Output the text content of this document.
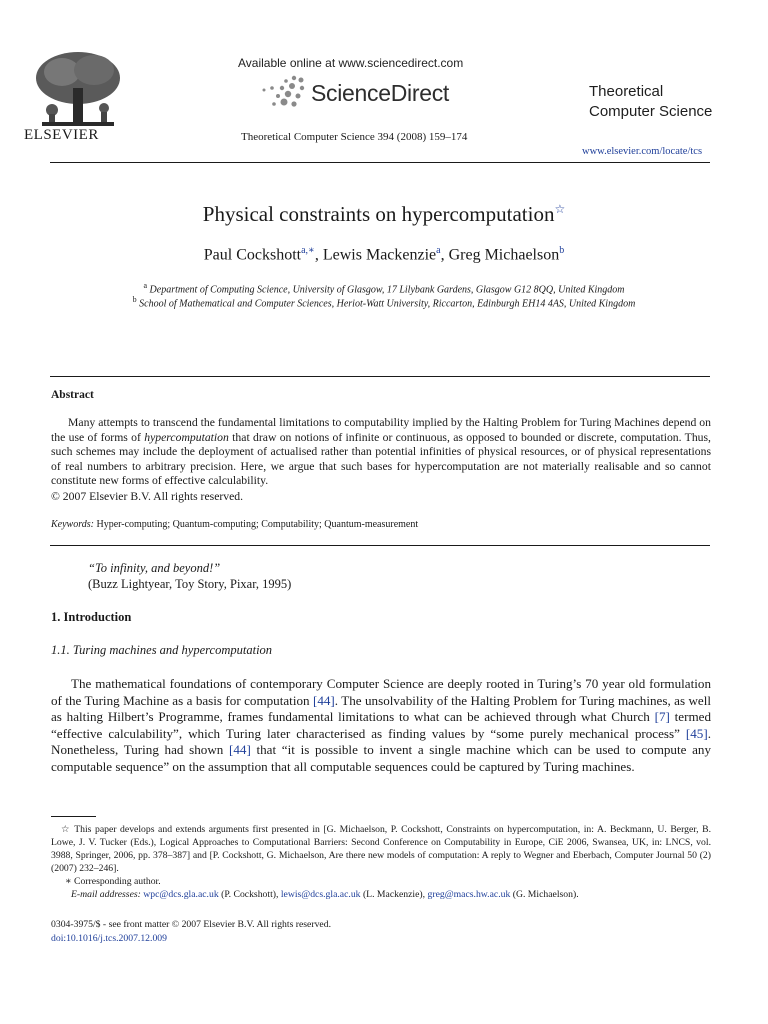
ELSEVIER
Available online at www.sciencedirect.com
ScienceDirect
Theoretical Computer Science 394 (2008) 159–174
Theoretical
Computer Science
www.elsevier.com/locate/tcs
Physical constraints on hypercomputation☆
Paul Cockshott$^{a,∗}$, Lewis Mackenzie$^a$, Greg Michaelson$^b$
$^a$ Department of Computing Science, University of Glasgow, 17 Lilybank Gardens, Glasgow G12 8QQ, United Kingdom
$^b$ School of Mathematical and Computer Sciences, Heriot-Watt University, Riccarton, Edinburgh EH14 4AS, United Kingdom
Abstract
Many attempts to transcend the fundamental limitations to computability implied by the Halting Problem for Turing Machines depend on the use of forms of hypercomputation that draw on notions of infinite or continuous, as opposed to bounded or discrete, computation. Thus, such schemes may include the deployment of actualised rather than potential infinities of physical resources, or of physical representations of real numbers to arbitrary precision. Here, we argue that such bases for hypercomputation are not materially realisable and so cannot constitute new forms of effective calculability.
© 2007 Elsevier B.V. All rights reserved.
Keywords: Hyper-computing; Quantum-computing; Computability; Quantum-measurement
“To infinity, and beyond!”
(Buzz Lightyear, Toy Story, Pixar, 1995)
1. Introduction
1.1. Turing machines and hypercomputation
The mathematical foundations of contemporary Computer Science are deeply rooted in Turing’s 70 year old formulation of the Turing Machine as a basis for computation [44]. The unsolvability of the Halting Problem for Turing machines, as well as halting Hilbert’s Programme, frames fundamental limitations to what can be achieved through what Church [7] termed “effective calculability”, which Turing later characterised as finding values by “some purely mechanical process” [45]. Nonetheless, Turing had shown [44] that “it is possible to invent a single machine which can be used to compute any computable sequence” on the assumption that all computable sequences could be captured by Turing machines.
☆ This paper develops and extends arguments first presented in [G. Michaelson, P. Cockshott, Constraints on hypercomputation, in: A. Beckmann, U. Berger, B. Lowe, J. V. Tucker (Eds.), Logical Approaches to Computational Barriers: Second Conference on Computability in Europe, CiE 2006, Swansea, UK, in: LNCS, vol. 3988, Springer, 2006, pp. 378–387] and [P. Cockshott, G. Michaelson, Are there new models of computation: A reply to Wegner and Eberbach, Computer Journal 50 (2) (2007) 232–246].
∗ Corresponding author.
E-mail addresses: wpc@dcs.gla.ac.uk (P. Cockshott), lewis@dcs.gla.ac.uk (L. Mackenzie), greg@macs.hw.ac.uk (G. Michaelson).
0304-3975/$ - see front matter © 2007 Elsevier B.V. All rights reserved.
doi:10.1016/j.tcs.2007.12.009
